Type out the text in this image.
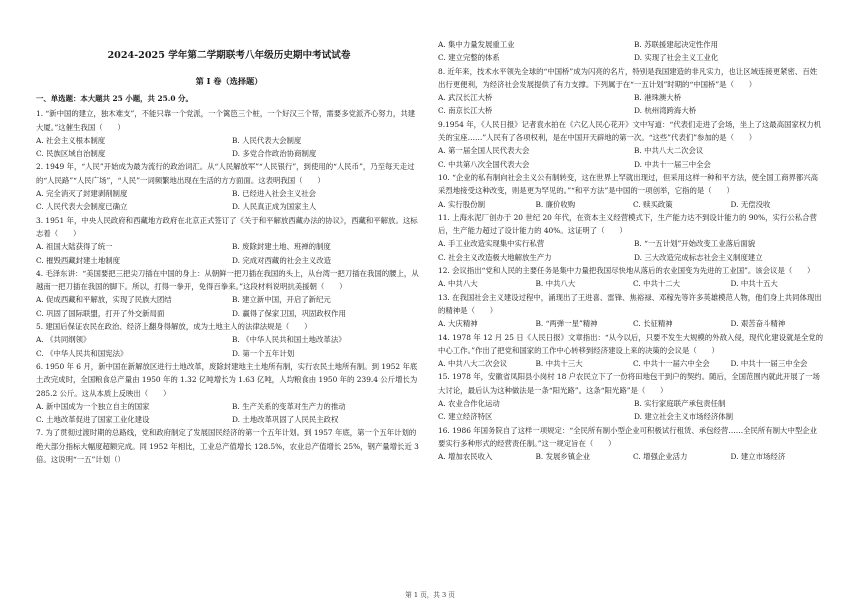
2024-2025 学年第二学期联考八年级历史期中考试试卷
第 I 卷（选择题）
一、单选题：本大题共 25 小题，共 25.0 分。
1. “新中国的建立，独木难支”，不能只靠一个党派，一个篱笆三个桩，一个好汉三个帮，需要多党派齐心努力，共建大厦。”这催生我国（　　）
A. 社会主义根本制度	B. 人民代表大会制度
C. 民族区域自治制度	D. 多党合作政治协商制度
2. 1949 年，“人民”开始成为最为流行的政治词汇。从“人民解放军”“人民银行”，到使用的“人民币”，乃至每天走过的“人民路”“人民广场”，“人民”一词频繁地出现在生活的方方面面。这表明我国（　　）
A. 完全消灭了封建剥削制度	B. 已经进入社会主义社会
C. 人民代表大会制度已确立	D. 人民真正成为国家主人
3. 1951 年，中央人民政府和西藏地方政府在北京正式签订了《关于和平解放西藏办法的协议》，西藏和平解放。这标志着（　　）
A. 祖国大陆获得了统一	B. 废除封建土地、班禅的制度
C. 摧毁西藏封建土地制度	D. 完成对西藏的社会主义改造
4. 毛泽东讲：“美国要把三把尖刀插在中国的身上：从朝鲜一把刀插在我国的头上，从台湾一把刀插在我国的腰上，从越南一把刀插在我国的脚下。所以，打得一拳开，免得百拳来。”这段材料说明抗美援朝（　　）
A. 促成西藏和平解放，实现了民族大团结	B. 建立新中国，开启了新纪元
C. 巩固了国际联盟，打开了外交新局面	D. 赢得了保家卫国，巩固政权作用
5. 建国后保证农民在政治、经济上翻身得解放，成为土地主人的法律法规是（　　）
A. 《共同纲领》	B. 《中华人民共和国土地改革法》
C. 《中华人民共和国宪法》	D. 第一个五年计划
6. 1950 年 6 月，新中国在新解放区进行土地改革，废除封建地主土地所有制，实行农民土地所有制。到 1952 年底土改完成时，全国粮食总产量由 1950 年的 1.32 亿吨增长为 1.63 亿吨，人均粮食由 1950 年的 239.4 公斤增长为 285.2 公斤。这从本质上反映出（　　）
A. 新中国成为一个独立自主的国家	B. 生产关系的变革对生产力的推动
C. 土地改革促进了国家工业化建设	D. 土地改革巩固了人民民主政权
7. 为了贯彻过渡时期的总路线，党和政府制定了发展国民经济的第一个五年计划。到 1957 年底，第一个五年计划的绝大部分指标大幅度超额完成。同 1952 年相比，工业总产值增长 128.5%，农业总产值增长 25%，钢产量增长近 3 倍。这说明“一五”计划（）
A. 集中力量发展重工业	B. 苏联援建起决定性作用
C. 建立完整的体系	D. 实现了社会主义工业化
8. 近年来，技术水平领先全球的“中国桥”成为闪亮的名片，特别是我国建造的非凡实力，也让区域连接更紧密、百姓出行更便利，为经济社会发展提供了有力支撑。下列属于在“一五计划”时期的“中国桥”是（　　）
A. 武汉长江大桥	B. 港珠澳大桥
C. 南京长江大桥	D. 杭州湾跨海大桥
9.1954 年，《人民日报》记者袁水拍在《六亿人民心花开》文中写道：“代表们走进了会场，坐上了这最高国家权力机关的宝座……”人民有了各项权利，是在中国开天辟地的第一次。“这些”代表们”参加的是（　　）
A. 第一届全国人民代表大会	B. 中共八大二次会议
C. 中共第八次全国代表大会	D. 中共十一届三中全会
10. “企业的私有制向社会主义公有制转变，这在世界上罕就出现过，但采用这样一种和平方法，使全国工商界都兴高采烈地接受这种改变，则是更为罕见的。”“和平方法”是中国的一项创举，它指的是（　　）
A. 实行股份制	B. 廉价收购	C. 赎买政策	D. 无偿没收
11. 上海永泥厂创办于 20 世纪 20 年代，在资本主义经营模式下，生产能力达不到设计能力的 90%，实行公私合营后，生产能力超过了设计能力的 40%。这证明了（　　）
A. 手工业改造实现集中实行私营	B. “一五计划”开始改变工业落后面貌
C. 社会主义改造极大地解放生产力	D. 三大改造完成标志社会主义制度建立
12. 会议指出“党和人民的主要任务是集中力量把我国尽快地从落后的农业国变为先进的工业国”。该会议是（　　）
A. 中共八大	B. 中共八大	C. 中共十二大	D. 中共十五大
13. 在我国社会主义建设过程中，涌现出了王进喜、雷锋、焦裕禄、邓稼先等许多英雄模范人物，他们身上共同体现出的精神是（　　）
A. 大庆精神	B. “两弹一星”精神	C. 长征精神	D. 艰苦奋斗精神
14. 1978 年 12 月 25 日《人民日报》文章指出：“从今以后，只要不发生大规模的外敌入侵，现代化建设就是全党的中心工作。”作出了把党和国家的工作中心转移到经济建设上来的决策的会议是（　　）
A. 中共八大二次会议	B. 中共十三大	C. 中共十一届六中全会	D. 中共十一届三中全会
15. 1978 年，安徽省凤阳县小岗村 18 户农民立下了一份将田地包干到户的契约。随后，全国范围内就此开展了一场大讨论，最后认为这种做法是一条“阳光路”。这条“阳光路”是（　　）
A. 农业合作化运动	B. 实行家庭联产承包责任制
C. 建立经济特区	D. 建立社会主义市场经济体制
16. 1986 年国务院自了这样一项规定：“全民所有制小型企业可积极试行租赁、承包经营……全民所有制大中型企业要实行多种形式的经营责任制。”这一规定旨在（　　）
A. 增加农民收入	B. 发展乡镇企业	C. 增强企业活力	D. 建立市场经济
第 1 页，共 3 页
